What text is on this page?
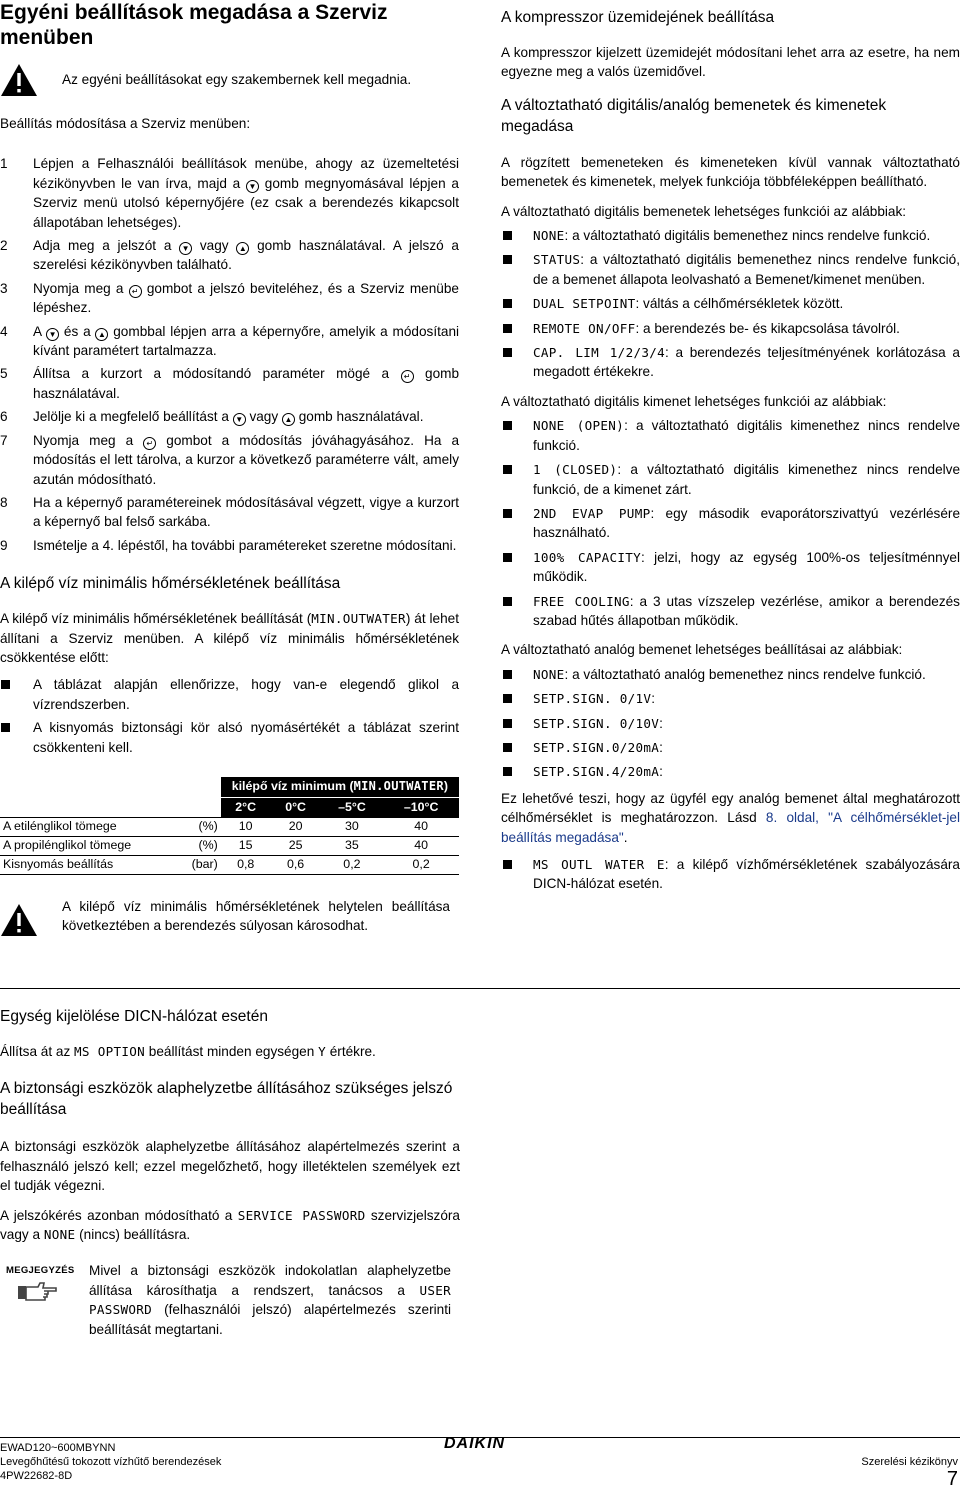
Egyéni beállítások megadása a Szerviz menüben

Az egyéni beállításokat egy szakembernek kell megadnia.

Beállítás módosítása a Szerviz menüben:

1 Lépjen a Felhasználói beállítások menübe, ahogy az üzemeltetési kézikönyvben le van írva, majd a ▼ gomb megnyomásával lépjen a Szerviz menü utolsó képernyőjére (ez csak a berendezés kikapcsolt állapotában lehetséges).
2 Adja meg a jelszót a ▼ vagy ▲ gomb használatával. A jelszó a szerelési kézikönyvben található.
3 Nyomja meg a ↵ gombot a jelszó beviteléhez, és a Szerviz menübe lépéshez.
4 A ▼ és a ▲ gombbal lépjen arra a képernyőre, amelyik a módosítani kívánt paramétert tartalmazza.
5 Állítsa a kurzort a módosítandó paraméter mögé a ↵ gomb használatával.
6 Jelölje ki a megfelelő beállítást a ▼ vagy ▲ gomb használatával.
7 Nyomja meg a ↵ gombot a módosítás jóváhagyásához. Ha a módosítás el lett tárolva, a kurzor a következő paraméterre vált, amely azután módosítható.
8 Ha a képernyő paramétereinek módosításával végzett, vigye a kurzort a képernyő bal felső sarkába.
9 Ismételje a 4. lépéstől, ha további paramétereket szeretne módosítani.
A kilépő víz minimális hőmérsékletének beállítása

A kilépő víz minimális hőmérsékletének beállítását (MIN.OUTWATER) át lehet állítani a Szerviz menüben. A kilépő víz minimális hőmérsékletének csökkentése előtt:

A táblázat alapján ellenőrizze, hogy van-e elegendő glikol a vízrendszerben.
A kisnyomás biztonsági kör alsó nyomásértékét a táblázat szerint csökkenteni kell.
		kilépő víz minimum (MIN.OUTWATER)			
		2°C	0°C	–5°C	–10°C
A etilénglikol tömege	(%)	10	20	30	40
A propilénglikol tömege	(%)	15	25	35	40
Kisnyomás beállítás	(bar)	0,8	0,6	0,2	0,2

A kilépő víz minimális hőmérsékletének helytelen beállítása következtében a berendezés súlyosan károsodhat.

A kompresszor üzemidejének beállítása

A kompresszor kijelzett üzemidejét módosítani lehet arra az esetre, ha nem egyezne meg a valós üzemidővel.

A változtatható digitális/analóg bemenetek és kimenetek megadása

A rögzített bemeneteken és kimeneteken kívül vannak változtatható bemenetek és kimenetek, melyek funkciója többféleképpen beállítható.

A változtatható digitális bemenetek lehetséges funkciói az alábbiak:

NONE: a változtatható digitális bemenethez nincs rendelve funkció.
STATUS: a változtatható digitális bemenethez nincs rendelve funkció, de a bemenet állapota leolvasható a Bemenet/kimenet menüben.
DUAL SETPOINT: váltás a célhőmérsékletek között.
REMOTE ON/OFF: a berendezés be- és kikapcsolása távolról.
CAP. LIM 1/2/3/4: a berendezés teljesítményének korlátozása a megadott értékekre.

A változtatható digitális kimenet lehetséges funkciói az alábbiak:

NONE (OPEN): a változtatható digitális kimenethez nincs rendelve funkció.
1 (CLOSED): a változtatható digitális kimenethez nincs rendelve funkció, de a kimenet zárt.
2ND EVAP PUMP: egy második evaporátorszivattyú vezérlésére használható.
100% CAPACITY: jelzi, hogy az egység 100%-os teljesítménnyel működik.
FREE COOLING: a 3 utas vízszelep vezérlése, amikor a berendezés szabad hűtés állapotban működik.

A változtatható analóg bemenet lehetséges beállításai az alábbiak:

NONE: a változtatható analóg bemenethez nincs rendelve funkció.
SETP.SIGN. 0/1V:
SETP.SIGN. 0/10V:
SETP.SIGN.0/20mA:
SETP.SIGN.4/20mA:

Ez lehetővé teszi, hogy az ügyfél egy analóg bemenet által meghatározott célhőmérséklet is meghatározzon. Lásd 8. oldal, "A célhőmérséklet-jel beállítás megadása".

MS OUTL WATER E: a kilépő vízhőmérsékletének szabályozására DICN-hálózat esetén.
Egység kijelölése DICN-hálózat esetén

Állítsa át az MS OPTION beállítást minden egységen Y értékre.

A biztonsági eszközök alaphelyzetbe állításához szükséges jelszó beállítása

A biztonsági eszközök alaphelyzetbe állításához alapértelmezés szerint a felhasználó jelszó kell; ezzel megelőzhető, hogy illetéktelen személyek ezt el tudják végezni.

A jelszókérés azonban módosítható a SERVICE PASSWORD szervizjelszóra vagy a NONE (nincs) beállításra.

MEGJEGYZÉS Mivel a biztonsági eszközök indokolatlan alaphelyzetbe állítása károsíthatja a rendszert, tanácsos a USER PASSWORD (felhasználói jelszó) alapértelmezés szerinti beállítását megtartani.

EWAD120~600MBYNN
Levegőhűtésű tokozott vízhűtő berendezések
4PW22682-8D
DAIKIN
Szerelési kézikönyv
7
